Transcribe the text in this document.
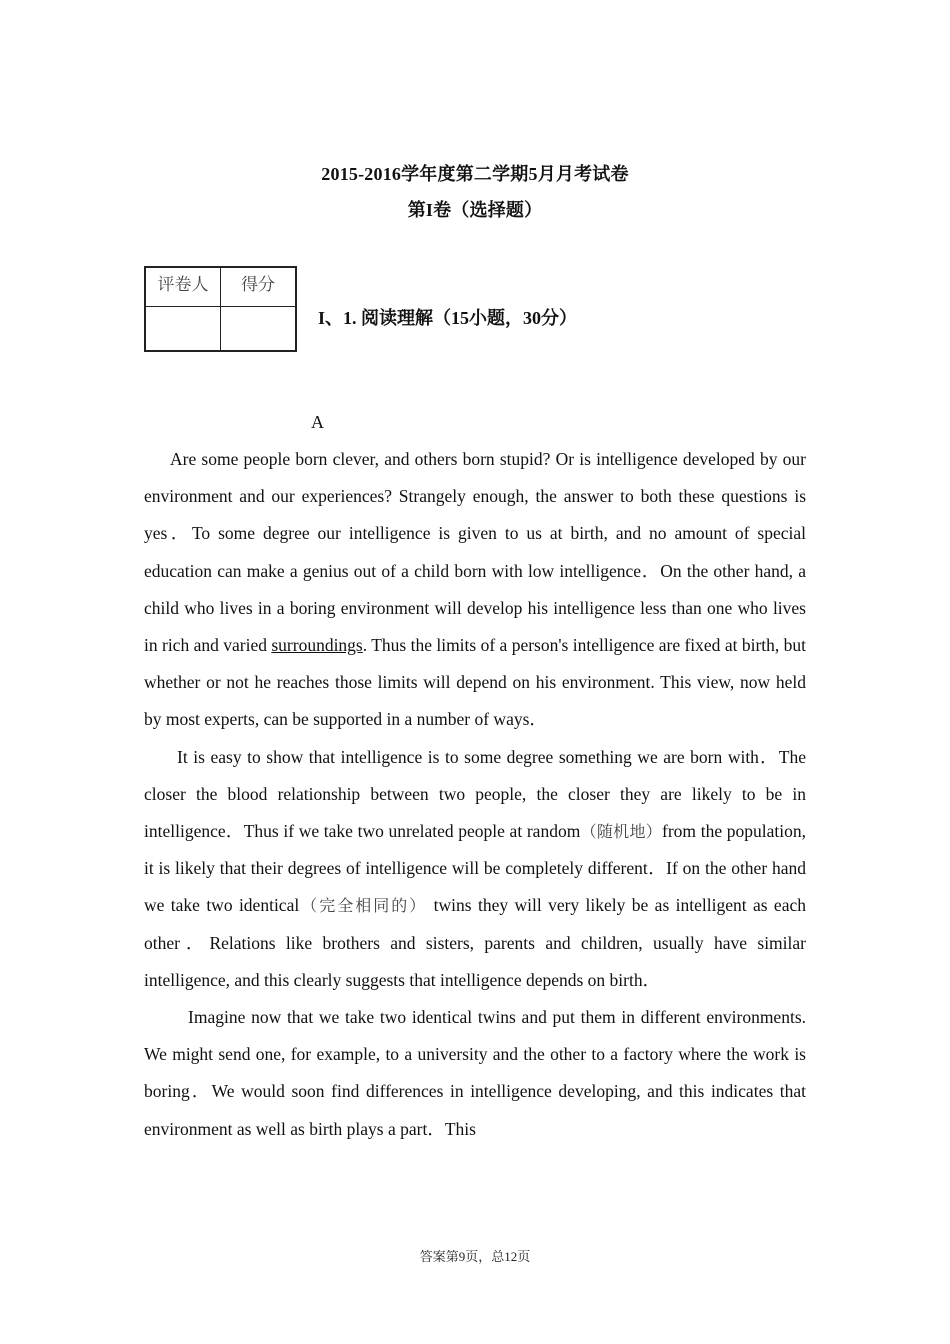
2015-2016学年度第二学期5月月考试卷
第I卷（选择题）
评卷人	得分

I、1. 阅读理解（15小题，30分）
A

Are some people born clever, and others born stupid? Or is intelligence developed by our environment and our experiences? Strangely enough, the answer to both these questions is yes．To some degree our intelligence is given to us at birth, and no amount of special education can make a genius out of a child born with low intelligence．On the other hand, a child who lives in a boring environment will develop his intelligence less than one who lives in rich and varied surroundings. Thus the limits of a person's intelligence are fixed at birth, but whether or not he reaches those limits will depend on his environment. This view, now held by most experts, can be supported in a number of ways．

It is easy to show that intelligence is to some degree something we are born with．The closer the blood relationship between two people, the closer they are likely to be in intelligence．Thus if we take two unrelated people at random（随机地）from the population, it is likely that their degrees of intelligence will be completely different．If on the other hand we take two identical（完全相同的） twins they will very likely be as intelligent as each other．Relations like brothers and sisters, parents and children, usually have similar intelligence, and this clearly suggests that intelligence depends on birth．

Imagine now that we take two identical twins and put them in different environments. We might send one, for example, to a university and the other to a factory where the work is boring．We would soon find differences in intelligence developing, and this indicates that environment as well as birth plays a part．This

答案第9页，总12页
